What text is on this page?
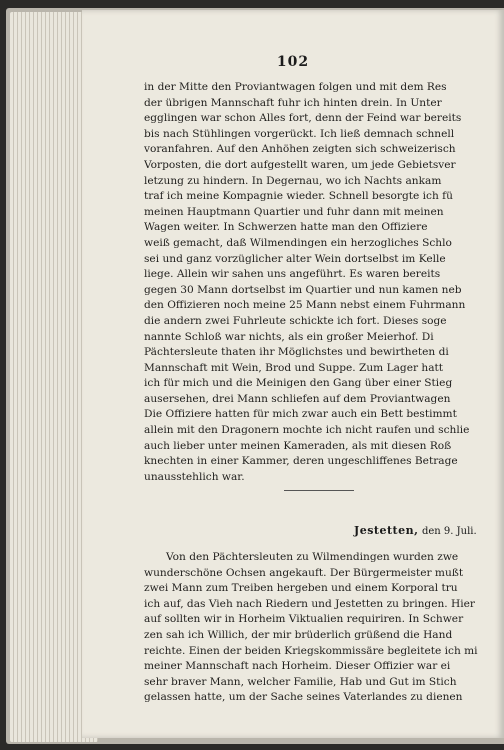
102
in der Mitte den Proviantwagen folgen und mit dem Res
der übrigen Mannschaft fuhr ich hinten drein. In Unter
egglingen war schon Alles fort, denn der Feind war bereits
bis nach Stühlingen vorgerückt. Ich ließ demnach schnell
voranfahren. Auf den Anhöhen zeigten sich schweizerisch
Vorposten, die dort aufgestellt waren, um jede Gebietsver
letzung zu hindern. In Degernau, wo ich Nachts ankam
traf ich meine Kompagnie wieder. Schnell besorgte ich fü
meinen Hauptmann Quartier und fuhr dann mit meinen
Wagen weiter. In Schwerzen hatte man den Offiziere
weiß gemacht, daß Wilmendingen ein herzogliches Schlo
sei und ganz vorzüglicher alter Wein dortselbst im Kelle
liege. Allein wir sahen uns angeführt. Es waren bereits
gegen 30 Mann dortselbst im Quartier und nun kamen neb
den Offizieren noch meine 25 Mann nebst einem Fuhrmann
die andern zwei Fuhrleute schickte ich fort. Dieses soge
nannte Schloß war nichts, als ein großer Meierhof. Di
Pächtersleute thaten ihr Möglichstes und bewirtheten di
Mannschaft mit Wein, Brod und Suppe. Zum Lager hatt
ich für mich und die Meinigen den Gang über einer Stieg
ausersehen, drei Mann schliefen auf dem Proviantwagen
Die Offiziere hatten für mich zwar auch ein Bett bestimmt
allein mit den Dragonern mochte ich nicht raufen und schlie
auch lieber unter meinen Kameraden, als mit diesen Roß
knechten in einer Kammer, deren ungeschliffenes Betrage
unausstehlich war.
Jestetten, den 9. Juli.
Von den Pächtersleuten zu Wilmendingen wurden zwe
wunderschöne Ochsen angekauft. Der Bürgermeister mußt
zwei Mann zum Treiben hergeben und einem Korporal tru
ich auf, das Vieh nach Riedern und Jestetten zu bringen. Hier
auf sollten wir in Horheim Viktualien requiriren. In Schwer
zen sah ich Willich, der mir brüderlich grüßend die Hand
reichte. Einen der beiden Kriegskommissäre begleitete ich mi
meiner Mannschaft nach Horheim. Dieser Offizier war ei
sehr braver Mann, welcher Familie, Hab und Gut im Stich
gelassen hatte, um der Sache seines Vaterlandes zu dienen
